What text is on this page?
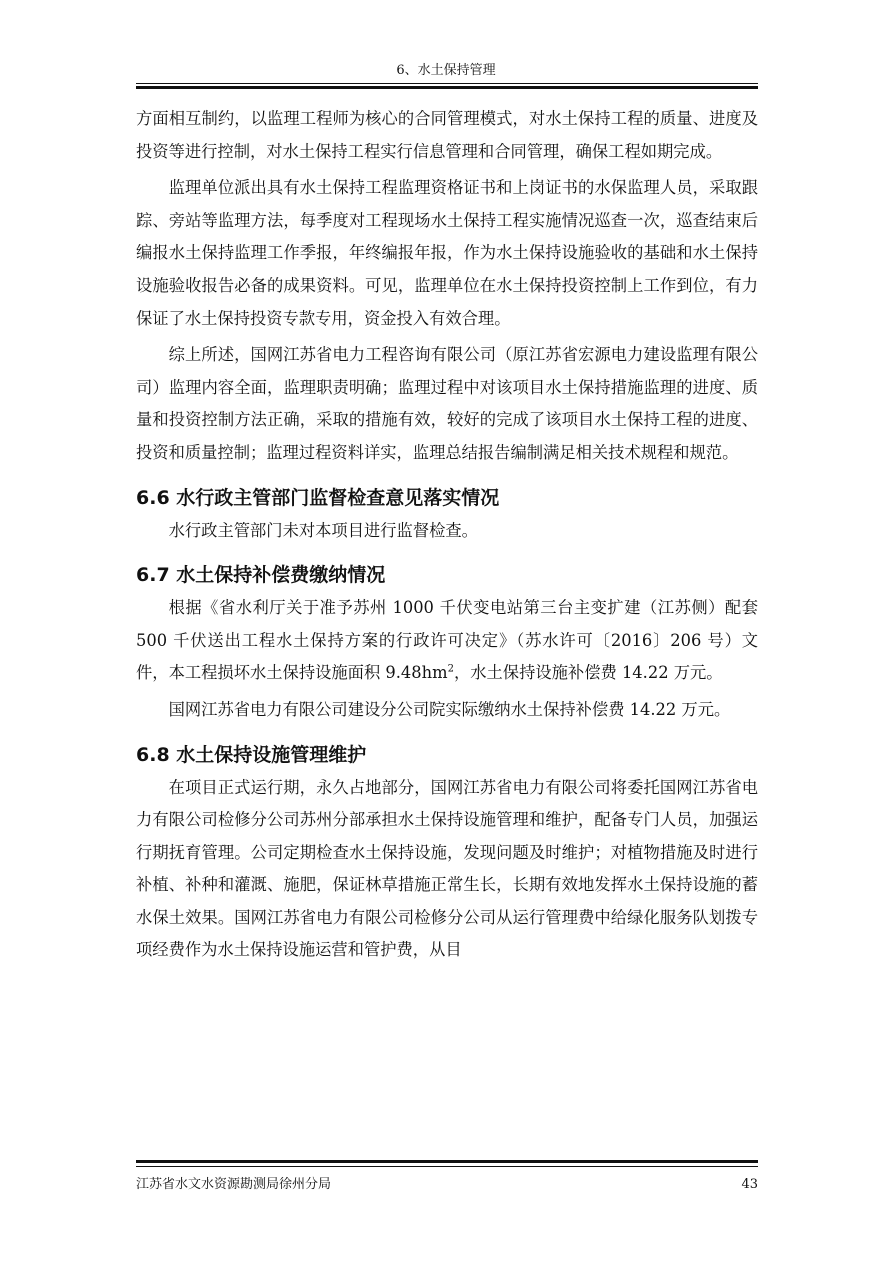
6、水土保持管理

方面相互制约，以监理工程师为核心的合同管理模式，对水土保持工程的质量、进度及投资等进行控制，对水土保持工程实行信息管理和合同管理，确保工程如期完成。

监理单位派出具有水土保持工程监理资格证书和上岗证书的水保监理人员，采取跟踪、旁站等监理方法，每季度对工程现场水土保持工程实施情况巡查一次，巡查结束后编报水土保持监理工作季报，年终编报年报，作为水土保持设施验收的基础和水土保持设施验收报告必备的成果资料。可见，监理单位在水土保持投资控制上工作到位，有力保证了水土保持投资专款专用，资金投入有效合理。

综上所述，国网江苏省电力工程咨询有限公司（原江苏省宏源电力建设监理有限公司）监理内容全面，监理职责明确；监理过程中对该项目水土保持措施监理的进度、质量和投资控制方法正确，采取的措施有效，较好的完成了该项目水土保持工程的进度、投资和质量控制；监理过程资料详实，监理总结报告编制满足相关技术规程和规范。

6.6 水行政主管部门监督检查意见落实情况

水行政主管部门未对本项目进行监督检查。

6.7 水土保持补偿费缴纳情况

根据《省水利厅关于准予苏州 1000 千伏变电站第三台主变扩建（江苏侧）配套 500 千伏送出工程水土保持方案的行政许可决定》（苏水许可〔2016〕206 号）文件，本工程损坏水土保持设施面积 $9.48hm^2$，水土保持设施补偿费 14.22 万元。

国网江苏省电力有限公司建设分公司院实际缴纳水土保持补偿费 14.22 万元。

6.8 水土保持设施管理维护

在项目正式运行期，永久占地部分，国网江苏省电力有限公司将委托国网江苏省电力有限公司检修分公司苏州分部承担水土保持设施管理和维护，配备专门人员，加强运行期抚育管理。公司定期检查水土保持设施，发现问题及时维护；对植物措施及时进行补植、补种和灌溉、施肥，保证林草措施正常生长，长期有效地发挥水土保持设施的蓄水保土效果。国网江苏省电力有限公司检修分公司从运行管理费中给绿化服务队划拨专项经费作为水土保持设施运营和管护费，从目

江苏省水文水资源勘测局徐州分局	43
